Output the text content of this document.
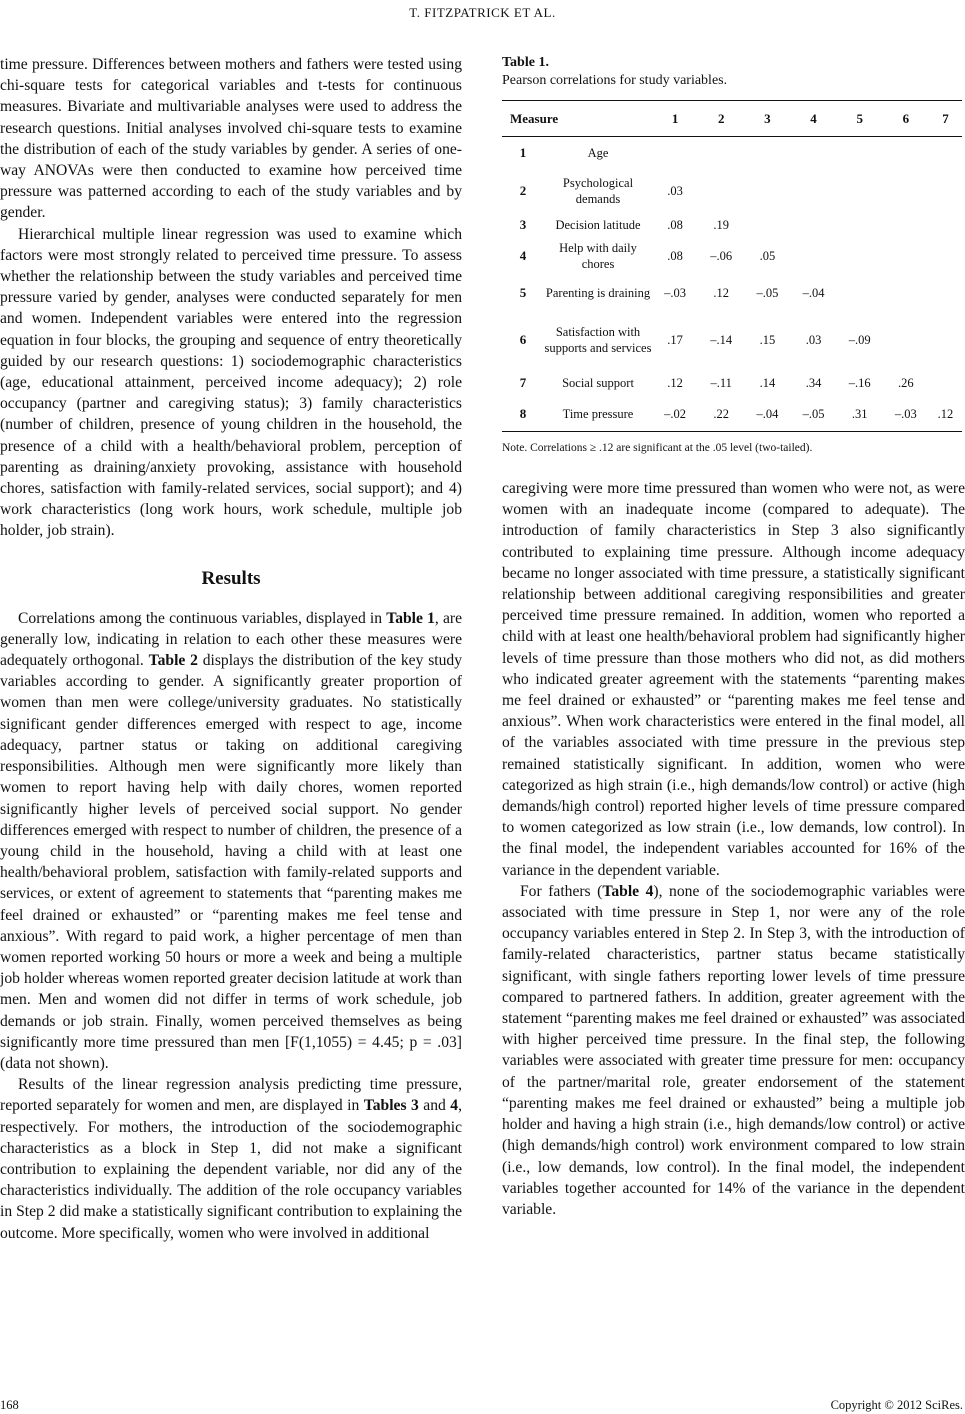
T. FITZPATRICK ET AL.

time pressure. Differences between mothers and fathers were tested using chi-square tests for categorical variables and t-tests for continuous measures. Bivariate and multivariable analyses were used to address the research questions. Initial analyses involved chi-square tests to examine the distribution of each of the study variables by gender. A series of one-way ANOVAs were then conducted to examine how perceived time pressure was patterned according to each of the study variables and by gender.

Hierarchical multiple linear regression was used to examine which factors were most strongly related to perceived time pressure. To assess whether the relationship between the study variables and perceived time pressure varied by gender, analyses were conducted separately for men and women. Independent variables were entered into the regression equation in four blocks, the grouping and sequence of entry theoretically guided by our research questions: 1) sociodemographic characteristics (age, educational attainment, perceived income adequacy); 2) role occupancy (partner and caregiving status); 3) family characteristics (number of children, presence of young children in the household, the presence of a child with a health/behavioral problem, perception of parenting as draining/anxiety provoking, assistance with household chores, satisfaction with family-related services, social support); and 4) work characteristics (long work hours, work schedule, multiple job holder, job strain).

Results

Correlations among the continuous variables, displayed in Table 1, are generally low, indicating in relation to each other these measures were adequately orthogonal. Table 2 displays the distribution of the key study variables according to gender. A significantly greater proportion of women than men were college/university graduates. No statistically significant gender differences emerged with respect to age, income adequacy, partner status or taking on additional caregiving responsibilities. Although men were significantly more likely than women to report having help with daily chores, women reported significantly higher levels of perceived social support. No gender differences emerged with respect to number of children, the presence of a young child in the household, having a child with at least one health/behavioral problem, satisfaction with family-related supports and services, or extent of agreement to statements that “parenting makes me feel drained or exhausted” or “parenting makes me feel tense and anxious”. With regard to paid work, a higher percentage of men than women reported working 50 hours or more a week and being a multiple job holder whereas women reported greater decision latitude at work than men. Men and women did not differ in terms of work schedule, job demands or job strain. Finally, women perceived themselves as being significantly more time pressured than men [F(1,1055) = 4.45; p = .03] (data not shown).

Results of the linear regression analysis predicting time pressure, reported separately for women and men, are displayed in Tables 3 and 4, respectively. For mothers, the introduction of the sociodemographic characteristics as a block in Step 1, did not make a significant contribution to explaining the dependent variable, nor did any of the characteristics individually. The addition of the role occupancy variables in Step 2 did make a statistically significant contribution to explaining the outcome. More specifically, women who were involved in additional

Table 1.
Pearson correlations for study variables.
Measure		1	2	3	4	5	6	7
1	Age							
2	Psychological demands	.03						
3	Decision latitude	.08	.19					
4	Help with daily chores	.08	–.06	.05				
5	Parenting is draining	–.03	.12	–.05	–.04			
6	Satisfaction with supports and services	.17	–.14	.15	.03	–.09		
7	Social support	.12	–.11	.14	.34	–.16	.26	
8	Time pressure	–.02	.22	–.04	–.05	.31	–.03	.12
Note. Correlations ≥ .12 are significant at the .05 level (two-tailed).

caregiving were more time pressured than women who were not, as were women with an inadequate income (compared to adequate). The introduction of family characteristics in Step 3 also significantly contributed to explaining time pressure. Although income adequacy became no longer associated with time pressure, a statistically significant relationship between additional caregiving responsibilities and greater perceived time pressure remained. In addition, women who reported a child with at least one health/behavioral problem had significantly higher levels of time pressure than those mothers who did not, as did mothers who indicated greater agreement with the statements “parenting makes me feel drained or exhausted” or “parenting makes me feel tense and anxious”. When work characteristics were entered in the final model, all of the variables associated with time pressure in the previous step remained statistically significant. In addition, women who were categorized as high strain (i.e., high demands/low control) or active (high demands/high control) reported higher levels of time pressure compared to women categorized as low strain (i.e., low demands, low control). In the final model, the independent variables accounted for 16% of the variance in the dependent variable.

For fathers (Table 4), none of the sociodemographic variables were associated with time pressure in Step 1, nor were any of the role occupancy variables entered in Step 2. In Step 3, with the introduction of family-related characteristics, partner status became statistically significant, with single fathers reporting lower levels of time pressure compared to partnered fathers. In addition, greater agreement with the statement “parenting makes me feel drained or exhausted” was associated with higher perceived time pressure. In the final step, the following variables were associated with greater time pressure for men: occupancy of the partner/marital role, greater endorsement of the statement “parenting makes me feel drained or exhausted” being a multiple job holder and having a high strain (i.e., high demands/low control) or active (high demands/high control) work environment compared to low strain (i.e., low demands, low control). In the final model, the independent variables together accounted for 14% of the variance in the dependent variable.

168	Copyright © 2012 SciRes.
